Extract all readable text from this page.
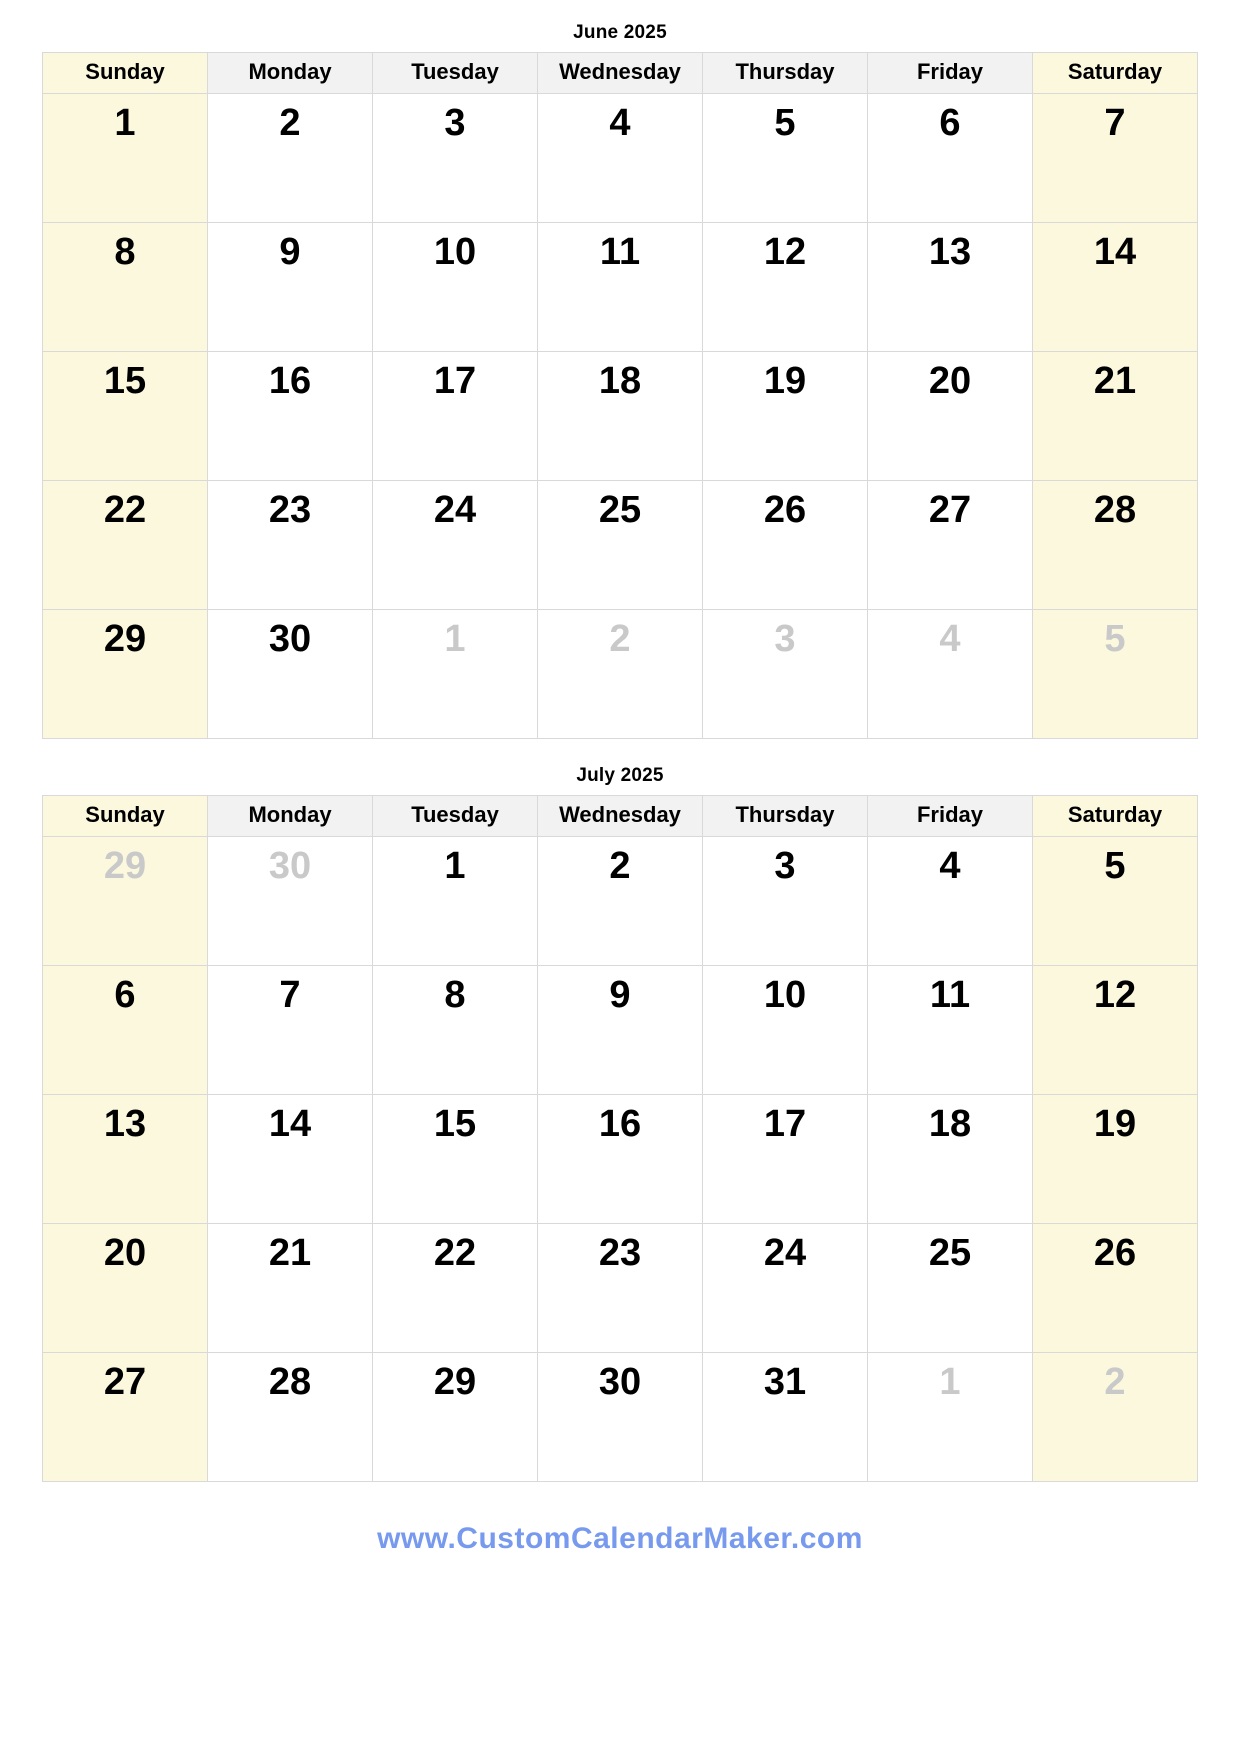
June 2025
Sunday	Monday	Tuesday	Wednesday	Thursday	Friday	Saturday
1	2	3	4	5	6	7
8	9	10	11	12	13	14
15	16	17	18	19	20	21
22	23	24	25	26	27	28
29	30	1	2	3	4	5
July 2025
Sunday	Monday	Tuesday	Wednesday	Thursday	Friday	Saturday
29	30	1	2	3	4	5
6	7	8	9	10	11	12
13	14	15	16	17	18	19
20	21	22	23	24	25	26
27	28	29	30	31	1	2
www.CustomCalendarMaker.com
